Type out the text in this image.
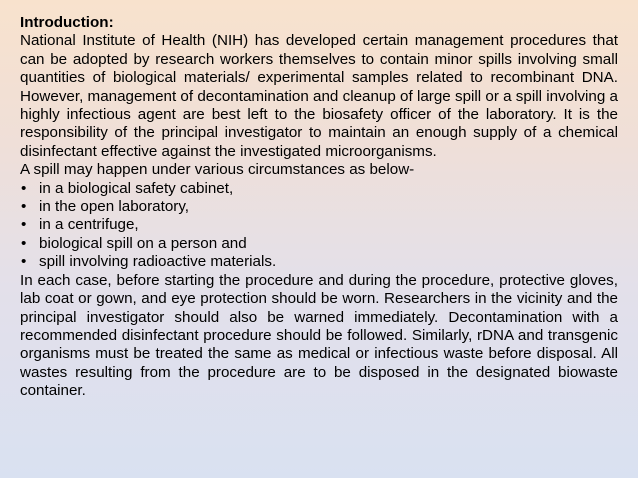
Introduction:

National Institute of Health (NIH) has developed certain management procedures that can be adopted by research workers themselves to contain minor spills involving small quantities of biological materials/ experimental samples related to recombinant DNA. However, management of decontamination and cleanup of large spill or a spill involving a highly infectious agent are best left to the biosafety officer of the laboratory. It is the responsibility of the principal investigator to maintain an enough supply of a chemical disinfectant effective against the investigated microorganisms.

A spill may happen under various circumstances as below-

• in a biological safety cabinet,
• in the open laboratory,
• in a centrifuge,
• biological spill on a person and
• spill involving radioactive materials.

In each case, before starting the procedure and during the procedure, protective gloves, lab coat or gown, and eye protection should be worn. Researchers in the vicinity and the principal investigator should also be warned immediately. Decontamination with a recommended disinfectant procedure should be followed. Similarly, rDNA and transgenic organisms must be treated the same as medical or infectious waste before disposal. All wastes resulting from the procedure are to be disposed in the designated biowaste container.
